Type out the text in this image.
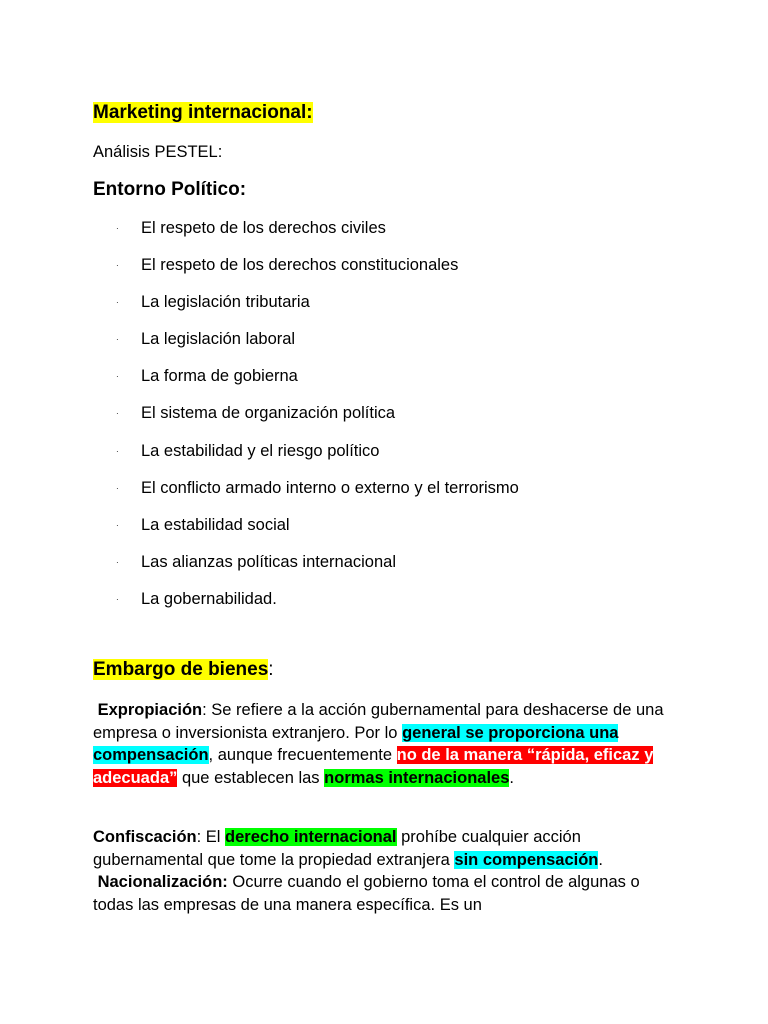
Marketing internacional:
Análisis PESTEL:
Entorno Político:
· El respeto de los derechos civiles
· El respeto de los derechos constitucionales
· La legislación tributaria
· La legislación laboral
· La forma de gobierna
· El sistema de organización política
· La estabilidad y el riesgo político
· El conflicto armado interno o externo y el terrorismo
· La estabilidad social
· Las alianzas políticas internacional
· La gobernabilidad.
Embargo de bienes:

Expropiación: Se refiere a la acción gubernamental para deshacerse de una empresa o inversionista extranjero. Por lo general se proporciona una compensación, aunque frecuentemente no de la manera “rápida, eficaz y adecuada” que establecen las normas internacionales.

Confiscación: El derecho internacional prohíbe cualquier acción gubernamental que tome la propiedad extranjera sin compensación.
Nacionalización: Ocurre cuando el gobierno toma el control de algunas o todas las empresas de una manera específica. Es un
